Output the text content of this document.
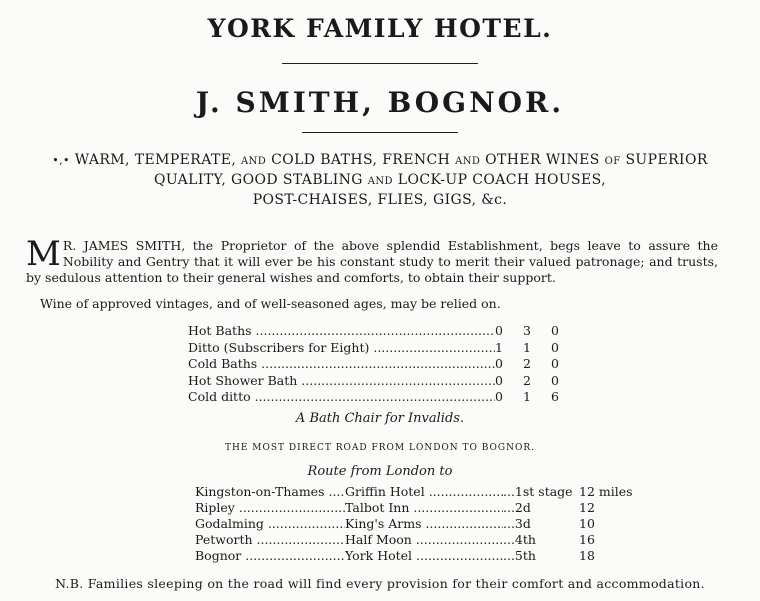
YORK FAMILY HOTEL.
J. SMITH, BOGNOR.
•,• WARM, TEMPERATE, AND COLD BATHS, FRENCH AND OTHER WINES OF SUPERIOR
QUALITY, GOOD STABLING AND LOCK-UP COACH HOUSES,
POST-CHAISES, FLIES, GIGS, &c.
M R. JAMES SMITH, the Proprietor of the above splendid Establishment, begs leave to assure the Nobility and Gentry that it will ever be his constant study to merit their valued patronage; and trusts, by sedulous attention to their general wishes and comforts, to obtain their support.
Wine of approved vintages, and of well-seasoned ages, may be relied on.
Hot Baths .....	0	3	0
Ditto (Subscribers for Eight) .....	1	1	0
Cold Baths .....	0	2	0
Hot Shower Bath .....	0	2	0
Cold ditto .....	0	1	6
A Bath Chair for Invalids.
THE MOST DIRECT ROAD FROM LONDON TO BOGNOR.
Route from London to
Kingston-on-Thames .....	Griffin Hotel .....	...1st stage 12 miles
Ripley .....	Talbot Inn .....	...2d	12
Godalming .....	King's Arms .....	...3d	10
Petworth .....	Half Moon .....	...4th	16
Bognor .....	York Hotel .....	...5th	18
N.B. Families sleeping on the road will find every provision for their comfort and accommodation.
